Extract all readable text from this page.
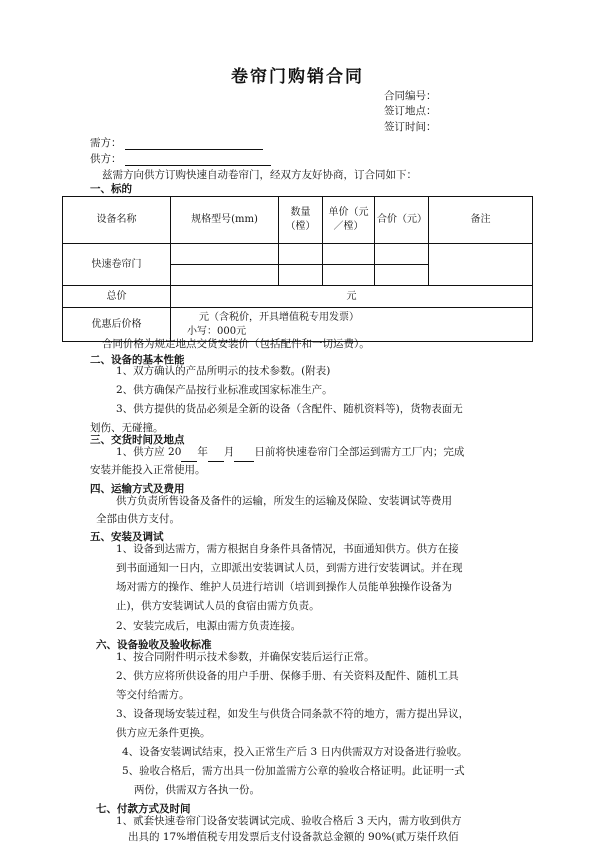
卷帘门购销合同
合同编号：
签订地点：
签订时间：
需方：
供方：
兹需方向供方订购快速自动卷帘门，经双方友好协商，订合同如下：
一、标的
设备名称	规格型号(mm)	数量（樘）	单价（元／樘）	合价（元）	备注
快速卷帘门					

总价	元				
优惠后价格	元（含税价，开具增值税专用发票）
小写：000元				
合同价格为规定地点交货安装价（包括配件和一切运费）。
二、设备的基本性能
1、双方确认的产品所明示的技术参数。(附表)
2、供方确保产品按行业标准或国家标准生产。
3、供方提供的货品必须是全新的设备（含配件、随机资料等)，货物表面无
划伤、无碰撞。
三、交货时间及地点
1、供方应 20 年 月 日前将快速卷帘门全部运到需方工厂内；完成
安装并能投入正常使用。
四、运输方式及费用
供方负责所售设备及备件的运输，所发生的运输及保险、安装调试等费用
全部由供方支付。
五、安装及调试
1、设备到达需方，需方根据自身条件具备情况，书面通知供方。供方在接
到书面通知一日内，立即派出安装调试人员，到需方进行安装调试。并在现
场对需方的操作、维护人员进行培训（培训到操作人员能单独操作设备为
止)，供方安装调试人员的食宿由需方负责。
2、安装完成后，电源由需方负责连接。
六、设备验收及验收标准
1、按合同附件明示技术参数，并确保安装后运行正常。
2、供方应将所供设备的用户手册、保修手册、有关资料及配件、随机工具
等交付给需方。
3、设备现场安装过程，如发生与供货合同条款不符的地方，需方提出异议，
供方应无条件更换。
4、设备安装调试结束，投入正常生产后 3 日内供需双方对设备进行验收。
5、验收合格后，需方出具一份加盖需方公章的验收合格证明。此证明一式
两份，供需双方各执一份。
七、付款方式及时间
1、贰套快速卷帘门设备安装调试完成、验收合格后 3 天内，需方收到供方
出具的 17%增值税专用发票后支付设备款总金额的 90%(贰万柒仟玖佰
